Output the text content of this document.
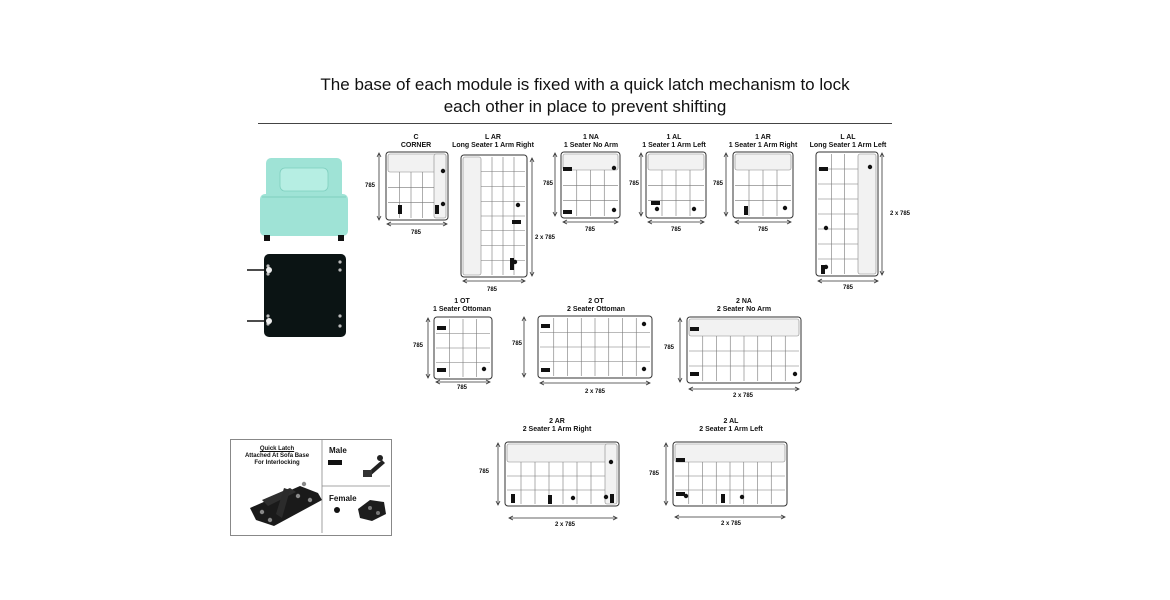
The base of each module is fixed with a quick latch mechanism to lock
each other in place to prevent shifting
C
CORNER
L AR
Long Seater 1 Arm Right
1 NA
1 Seater No Arm
1 AL
1 Seater 1 Arm Left
1 AR
1 Seater 1 Arm Right
L AL
Long Seater 1 Arm Left
1 OT
1 Seater Ottoman
2 OT
2 Seater Ottoman
2 NA
2 Seater No Arm
2 AR
2 Seater 1 Arm Right
2 AL
2 Seater 1 Arm Left
785
785
2 x 785
785
785
785
785
785
785
785
2 x 785
785
785
785
785
2 x 785
785
2 x 785
785
2 x 785
785
2 x 785
Quick Latch
Attached At Sofa Base
For Interlocking
Male
Female
